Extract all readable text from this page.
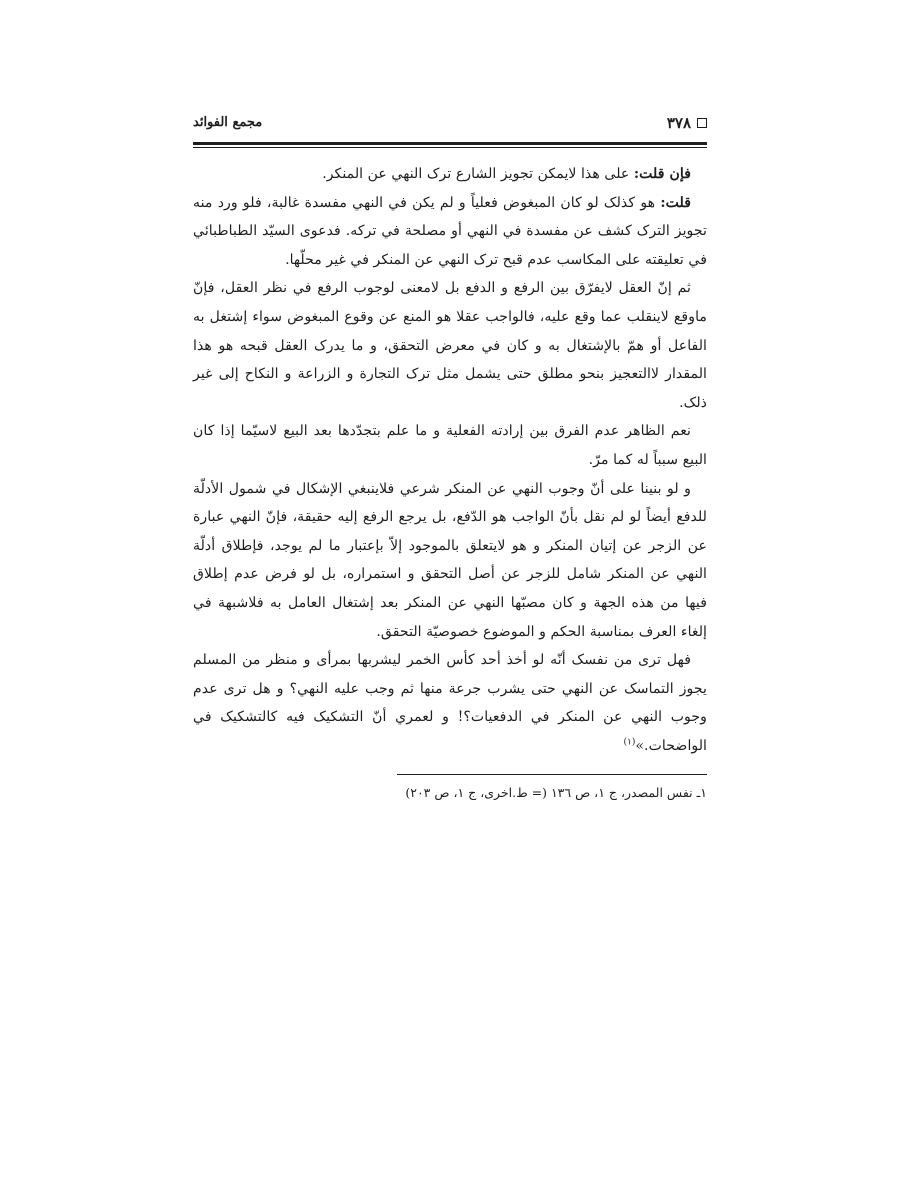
٣٧٨
مجمع الفوائد

فإن قلت: على هذا لايمكن تجويز الشارع ترک النهي عن المنكر.

قلت: هو كذلک لو كان المبغوض فعلياً و لم يكن في النهي مفسدة غالبة، فلو ورد منه تجويز الترک كشف عن مفسدة في النهي أو مصلحة في تركه. فدعوى السيّد الطباطبائي في تعليقته على المكاسب عدم قبح ترک النهي عن المنكر في غير محلّها.

ثم إنّ العقل لايفرّق بين الرفع و الدفع بل لامعنى لوجوب الرفع في نظر العقل، فإنّ ماوقع لاينقلب عما وقع عليه، فالواجب عقلا هو المنع عن وقوع المبغوض سواء إشتغل به الفاعل أو همّ بالإشتغال به و كان في معرض التحقق، و ما يدرک العقل قبحه هو هذا المقدار لاالتعجيز بنحو مطلق حتى يشمل مثل ترک التجارة و الزراعة و النكاح إلى غير ذلک.

نعم الظاهر عدم الفرق بين إرادته الفعلية و ما علم بتجدّدها بعد البيع لاسيّما إذا كان البيع سبباً له كما مرّ.

و لو بنينا على أنّ وجوب النهي عن المنكر شرعي فلاينبغي الإشكال في شمول الأدلّة للدفع أيضاً لو لم نقل بأنّ الواجب هو الدّفع، بل يرجع الرفع إليه حقيقة، فإنّ النهي عبارة عن الزجر عن إتيان المنكر و هو لايتعلق بالموجود إلاّ بإعتبار ما لم يوجد، فإطلاق أدلّة النهي عن المنكر شامل للزجر عن أصل التحقق و استمراره، بل لو فرض عدم إطلاق فيها من هذه الجهة و كان مصبّها النهي عن المنكر بعد إشتغال العامل به فلاشبهة في إلغاء العرف بمناسبة الحكم و الموضوع خصوصيّة التحقق.

فهل ترى من نفسک أنّه لو أخذ أحد كأس الخمر ليشربها بمرأى و منظر من المسلم يجوز التماسک عن النهي حتى يشرب جرعة منها ثم وجب عليه النهي؟ و هل ترى عدم وجوب النهي عن المنكر في الدفعيات؟! و لعمري أنّ التشكيک فيه كالتشكيک في الواضحات.»$^{(١)}$

١ـ نفس المصدر، ج ١، ص ١٣٦ (= ط.اخرى، ج ١، ص ٢٠٣)
